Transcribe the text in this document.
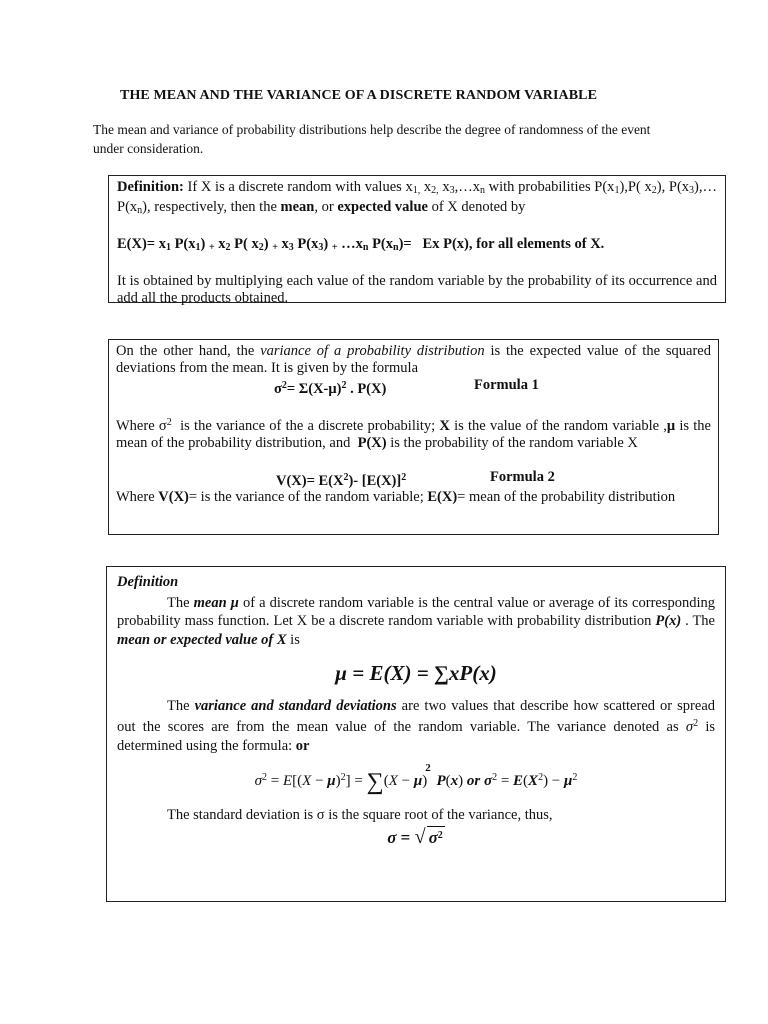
THE MEAN AND THE VARIANCE OF A DISCRETE RANDOM VARIABLE
The mean and variance of probability distributions help describe the degree of randomness of the event under consideration.

Definition: If X is a discrete random with values $x_{1,}$ $x_{2,}$ $x_3,\dots x_n$ with probabilities $P(x_1),P$( $x_2$), $P(x_3),\dots P(x_n)$, respectively, then the mean, or expected value of X denoted by

$E(X)= x_1$ $P(x_1)$ $_+$ $x_2$ P( $x_2$) $_+$ $x_3$ $P(x_3)$ $_+$ $\dots x_n$ $P(x_n)= Ex$ P(x), for all elements of X.

It is obtained by multiplying each value of the random variable by the probability of its occurrence and add all the products obtained.

On the other hand, the variance of a probability distribution is the expected value of the squared deviations from the mean. It is given by the formula

$\sigma^2= \Sigma(X-\mu)^2$ . P(X)	Formula 1

Where $\sigma^2$  is the variance of the a discrete probability; X is the value of the random variable ,μ is the mean of the probability distribution, and  P(X) is the probability of the random variable X

$V(X)= E(X^2)-$ $[E(X)]^2$	Formula 2

Where V(X)= is the variance of the random variable; E(X)= mean of the probability distribution

Definition

The mean μ of a discrete random variable is the central value or average of its corresponding probability mass function. Let X be a discrete random variable with probability distribution P(x) . The mean or expected value of X is

μ = E(X) = ∑xP(x)

The variance and standard deviations are two values that describe how scattered or spread out the scores are from the mean value of the random variable. The variance denoted as $\sigma^2$ is determined using the formula: or

$\sigma^2 = E[(X - \mu)^2] = \sum(X - \mu)^2$ P(x) or $\sigma^2 = E(X^2) - \mu^2$

The standard deviation is σ is the square root of the variance, thus,

σ = √ $\sigma^2$
